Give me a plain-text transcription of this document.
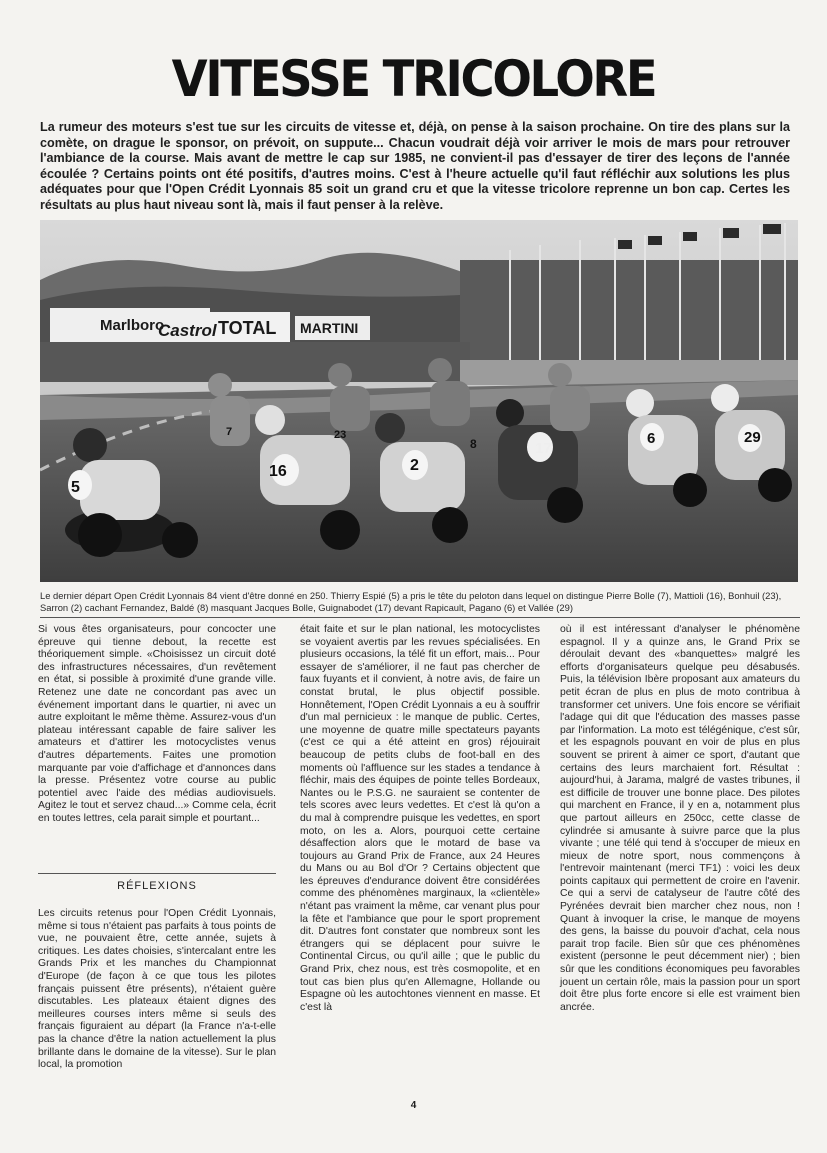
VITESSE TRICOLORE
La rumeur des moteurs s'est tue sur les circuits de vitesse et, déjà, on pense à la saison prochaine. On tire des plans sur la comète, on drague le sponsor, on prévoit, on suppute... Chacun voudrait déjà voir arriver le mois de mars pour retrouver l'ambiance de la course. Mais avant de mettre le cap sur 1985, ne convient-il pas d'essayer de tirer des leçons de l'année écoulée ? Certains points ont été positifs, d'autres moins. C'est à l'heure actuelle qu'il faut réfléchir aux solutions les plus adéquates pour que l'Open Crédit Lyonnais 85 soit un grand cru et que la vitesse tricolore reprenne un bon cap. Certes les résultats au plus haut niveau sont là, mais il faut penser à la relève.
Marlboro
Castrol TOTAL MARTINI
5
16	2
17
6	29
8
23
7
Le dernier départ Open Crédit Lyonnais 84 vient d'être donné en 250. Thierry Espié (5) a pris le tête du peloton dans lequel on distingue Pierre Bolle (7), Mattioli (16), Bonhuil (23), Sarron (2) cachant Fernandez, Baldé (8) masquant Jacques Bolle, Guignabodet (17) devant Rapicault, Pagano (6) et Vallée (29)

Si vous êtes organisateurs, pour concocter une épreuve qui tienne debout, la recette est théoriquement simple. «Choisissez un circuit doté des infrastructures nécessaires, d'un revêtement en état, si possible à proximité d'une grande ville. Retenez une date ne concordant pas avec un événement important dans le quartier, ni avec un autre exploitant le même thème. Assurez-vous d'un plateau intéressant capable de faire saliver les amateurs et d'attirer les motocyclistes venus d'autres départements. Faites une promotion marquante par voie d'affichage et d'annonces dans la presse. Présentez votre course au public potentiel avec l'aide des médias audiovisuels. Agitez le tout et servez chaud...» Comme cela, écrit en toutes lettres, cela parait simple et pourtant...

RÉFLEXIONS

Les circuits retenus pour l'Open Crédit Lyonnais, même si tous n'étaient pas parfaits à tous points de vue, ne pouvaient être, cette année, sujets à critiques. Les dates choisies, s'intercalant entre les Grands Prix et les manches du Championnat d'Europe (de façon à ce que tous les pilotes français puissent être présents), n'étaient guère discutables. Les plateaux étaient dignes des meilleures courses inters même si seuls des français figuraient au départ (la France n'a-t-elle pas la chance d'être la nation actuellement la plus brillante dans le domaine de la vitesse). Sur le plan local, la promotion

était faite et sur le plan national, les motocyclistes se voyaient avertis par les revues spécialisées. En plusieurs occasions, la télé fit un effort, mais... Pour essayer de s'améliorer, il ne faut pas chercher de faux fuyants et il convient, à notre avis, de faire un constat brutal, le plus objectif possible. Honnêtement, l'Open Crédit Lyonnais a eu à souffrir d'un mal pernicieux : le manque de public. Certes, une moyenne de quatre mille spectateurs payants (c'est ce qui a été atteint en gros) réjouirait beaucoup de petits clubs de foot-ball en des moments où l'affluence sur les stades a tendance à fléchir, mais des équipes de pointe telles Bordeaux, Nantes ou le P.S.G. ne sauraient se contenter de tels scores avec leurs vedettes. Et c'est là qu'on a du mal à comprendre puisque les vedettes, en sport moto, on les a. Alors, pourquoi cette certaine désaffection alors que le motard de base va toujours au Grand Prix de France, aux 24 Heures du Mans ou au Bol d'Or ? Certains objectent que les épreuves d'endurance doivent être considérées comme des phénomènes marginaux, la «clientèle» n'étant pas vraiment la même, car venant plus pour la fête et l'ambiance que pour le sport proprement dit. D'autres font constater que nombreux sont les étrangers qui se déplacent pour suivre le Continental Circus, ou qu'il aille ; que le public du Grand Prix, chez nous, est très cosmopolite, et en tout cas bien plus qu'en Allemagne, Hollande ou Espagne où les autochtones viennent en masse. Et c'est là

où il est intéressant d'analyser le phénomène espagnol. Il y a quinze ans, le Grand Prix se déroulait devant des «banquettes» malgré les efforts d'organisateurs quelque peu désabusés. Puis, la télévision Ibère proposant aux amateurs du petit écran de plus en plus de moto contribua à transformer cet univers. Une fois encore se vérifiait l'adage qui dit que l'éducation des masses passe par l'information. La moto est télégénique, c'est sûr, et les espagnols pouvant en voir de plus en plus souvent se prirent à aimer ce sport, d'autant que certains des leurs marchaient fort. Résultat : aujourd'hui, à Jarama, malgré de vastes tribunes, il est difficile de trouver une bonne place. Des pilotes qui marchent en France, il y en a, notamment plus que partout ailleurs en 250cc, cette classe de cylindrée si amusante à suivre parce que la plus vivante ; une télé qui tend à s'occuper de mieux en mieux de notre sport, nous commençons à l'entrevoir maintenant (merci TF1) : voici les deux points capitaux qui permettent de croire en l'avenir. Ce qui a servi de catalyseur de l'autre côté des Pyrénées devrait bien marcher chez nous, non ! Quant à invoquer la crise, le manque de moyens des gens, la baisse du pouvoir d'achat, cela nous parait trop facile. Bien sûr que ces phénomènes existent (personne le peut décemment nier) ; bien sûr que les conditions économiques peu favorables jouent un certain rôle, mais la passion pour un sport doit être plus forte encore si elle est vraiment bien ancrée.

4
